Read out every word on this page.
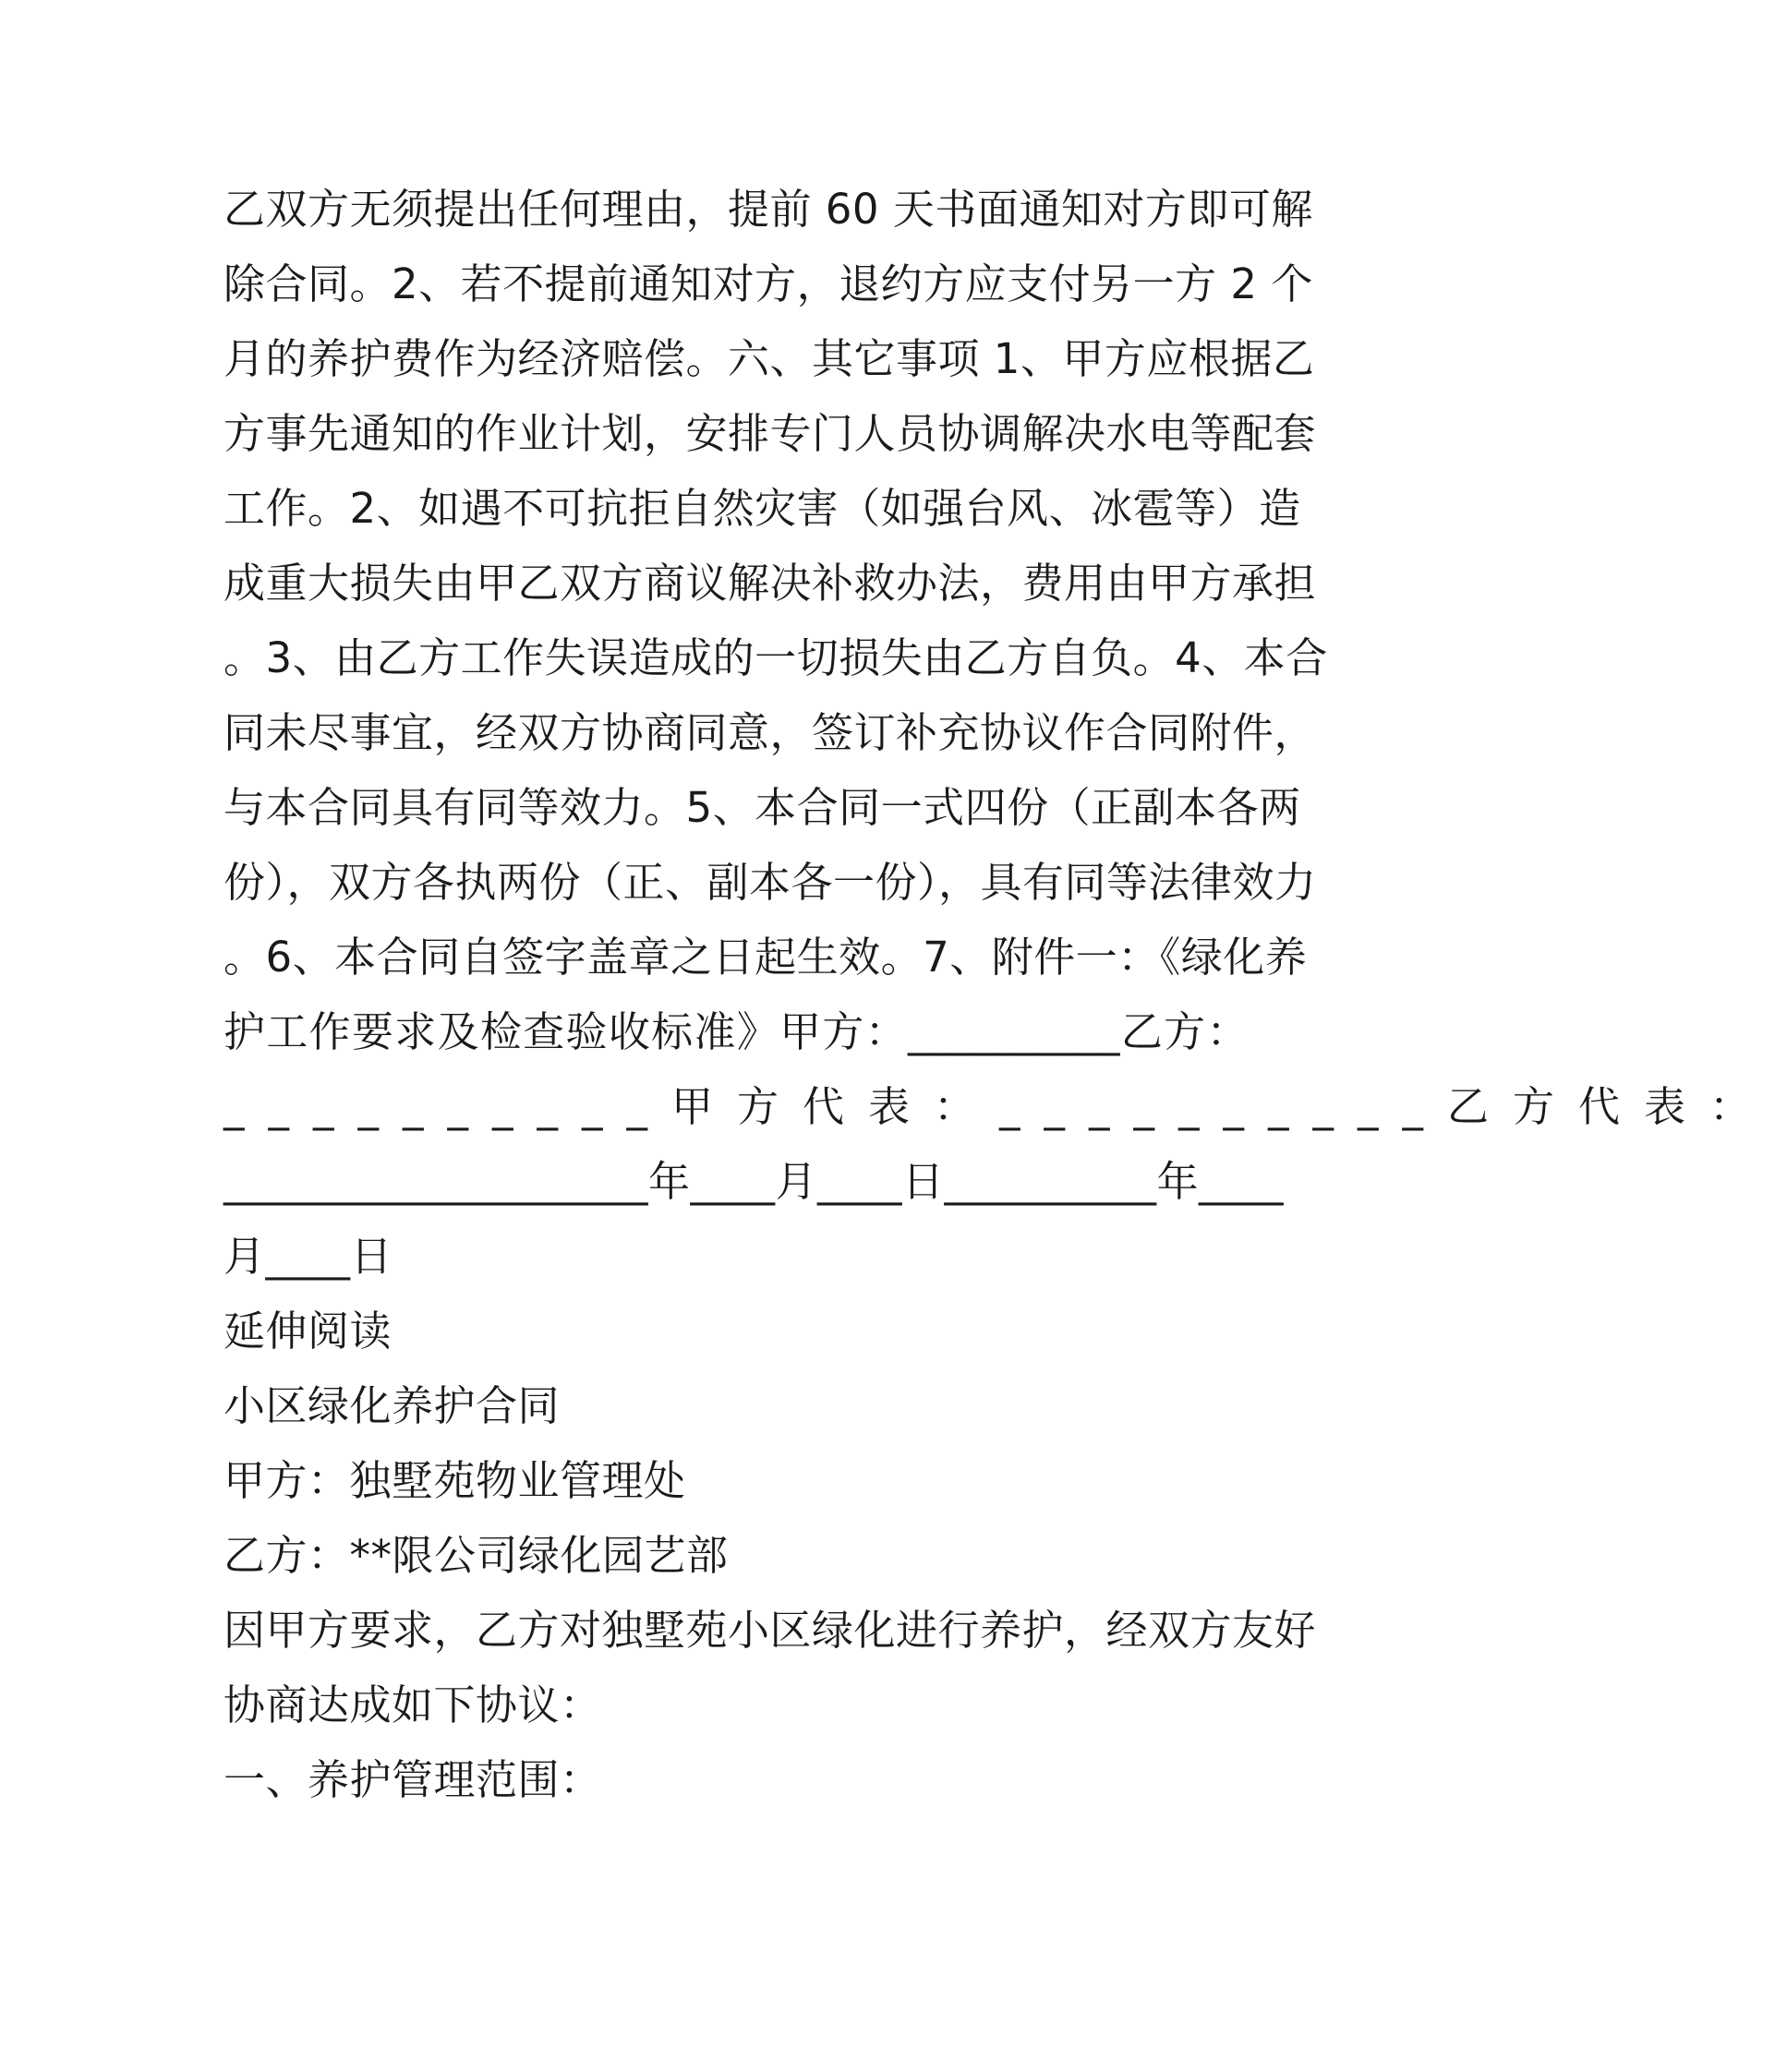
乙双方无须提出任何理由，提前 60 天书面通知对方即可解
除合同。2、若不提前通知对方，退约方应支付另一方 2 个
月的养护费作为经济赔偿。六、其它事项 1、甲方应根据乙
方事先通知的作业计划，安排专门人员协调解决水电等配套
工作。2、如遇不可抗拒自然灾害（如强台风、冰雹等）造
成重大损失由甲乙双方商议解决补救办法，费用由甲方承担
。3、由乙方工作失误造成的一切损失由乙方自负。4、本合
同未尽事宜，经双方协商同意，签订补充协议作合同附件，
与本合同具有同等效力。5、本合同一式四份（正副本各两
份），双方各执两份（正、副本各一份），具有同等法律效力
。6、本合同自签字盖章之日起生效。7、附件一：《绿化养
护工作要求及检查验收标准》甲方：__________乙方：
__________甲方代表：__________乙方代表：
____________________年____月____日__________年____
月____日
延伸阅读
小区绿化养护合同
甲方：独墅苑物业管理处
乙方：**限公司绿化园艺部
因甲方要求，乙方对独墅苑小区绿化进行养护，经双方友好
协商达成如下协议：
一、养护管理范围：
